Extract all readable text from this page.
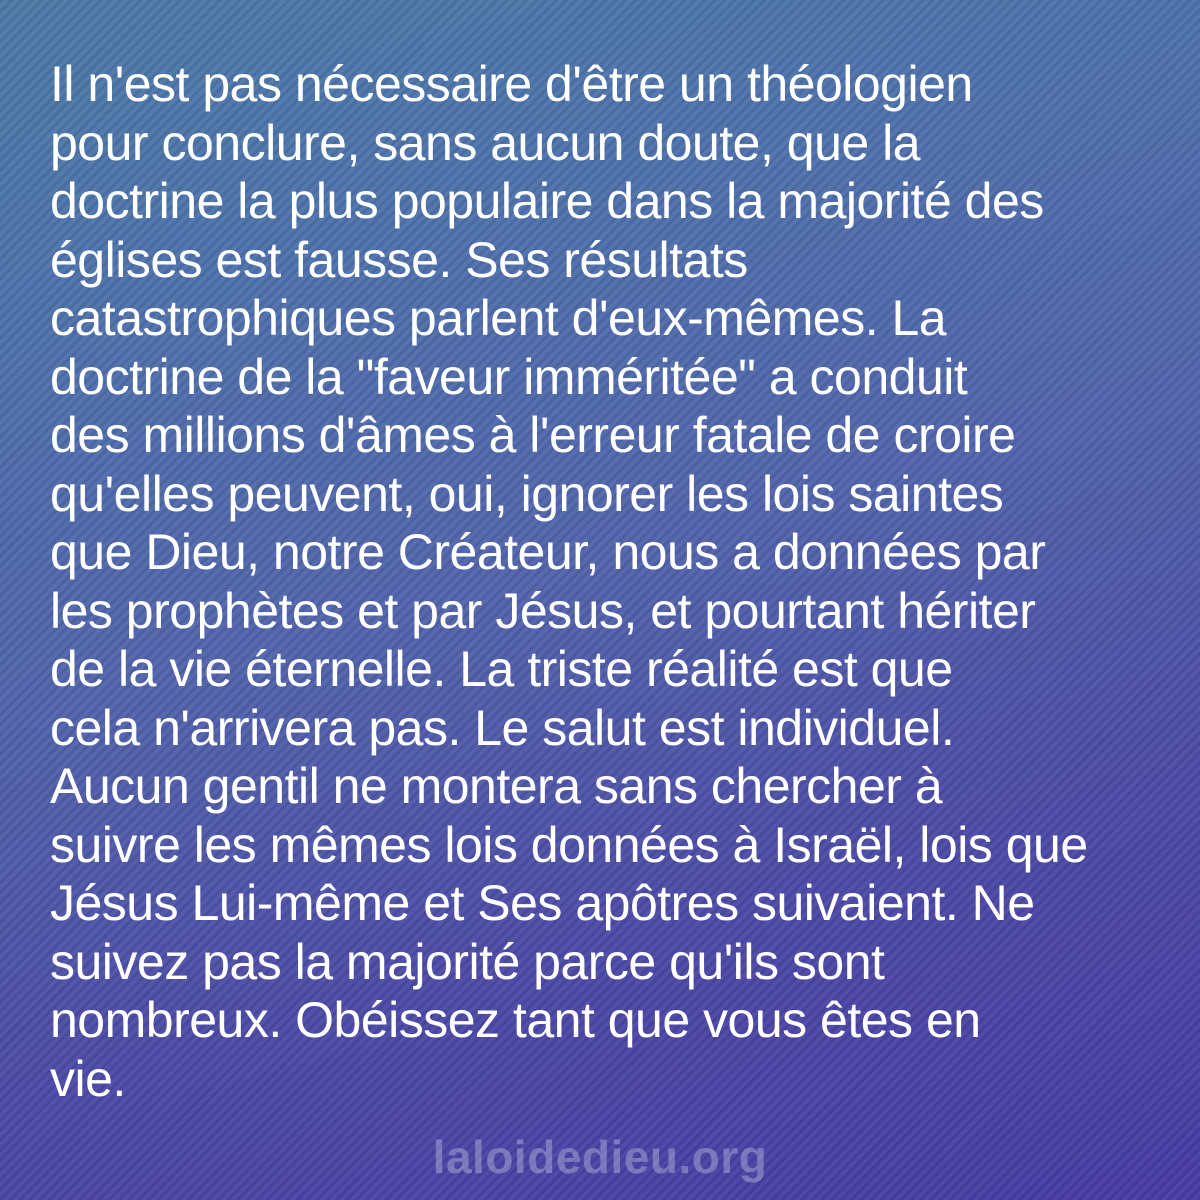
Il n'est pas nécessaire d'être un théologien
pour conclure, sans aucun doute, que la
doctrine la plus populaire dans la majorité des
églises est fausse. Ses résultats
catastrophiques parlent d'eux-mêmes. La
doctrine de la "faveur imméritée" a conduit
des millions d'âmes à l'erreur fatale de croire
qu'elles peuvent, oui, ignorer les lois saintes
que Dieu, notre Créateur, nous a données par
les prophètes et par Jésus, et pourtant hériter
de la vie éternelle. La triste réalité est que
cela n'arrivera pas. Le salut est individuel.
Aucun gentil ne montera sans chercher à
suivre les mêmes lois données à Israël, lois que
Jésus Lui-même et Ses apôtres suivaient. Ne
suivez pas la majorité parce qu'ils sont
nombreux. Obéissez tant que vous êtes en
vie.
laloidedieu.org
